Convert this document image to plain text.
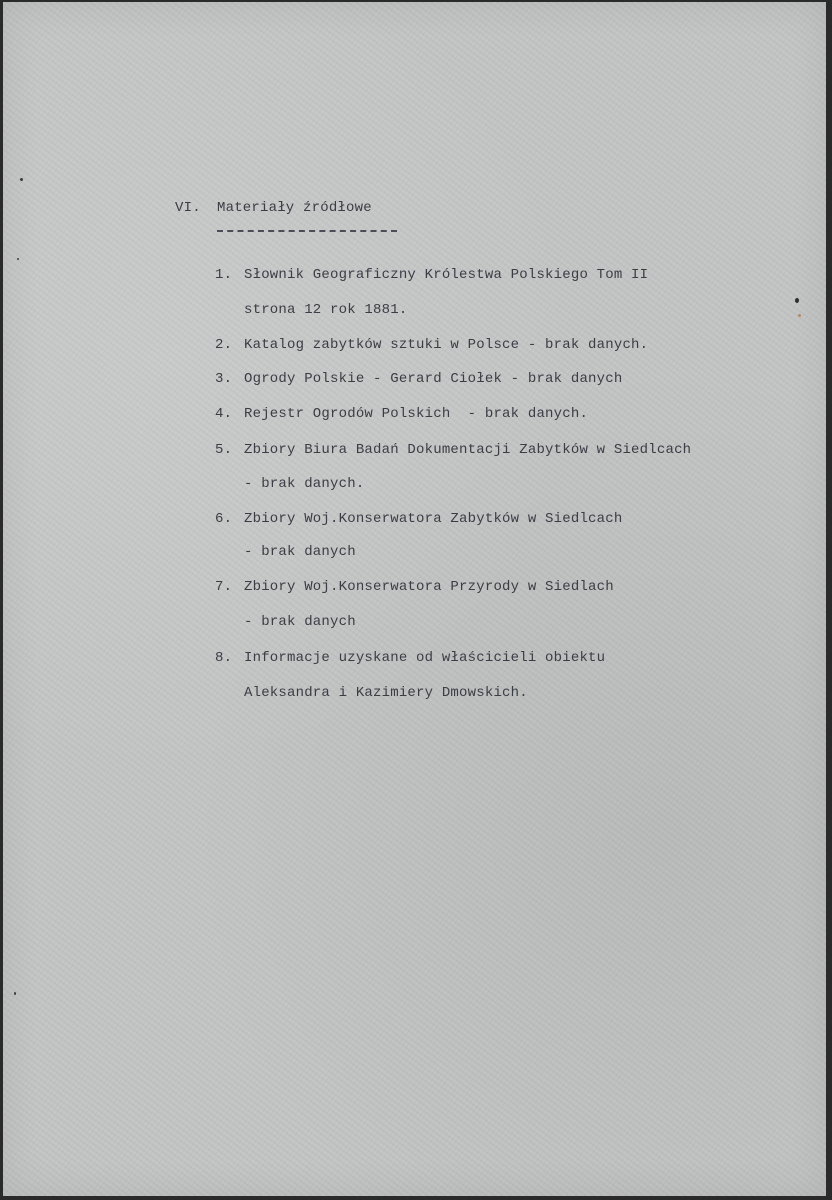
VI. Materiały źródłowe
1. Słownik Geograficzny Królestwa Polskiego Tom II
strona 12 rok 1881.
2. Katalog zabytków sztuki w Polsce - brak danych.
3. Ogrody Polskie - Gerard Ciołek - brak danych
4. Rejestr Ogrodów Polskich  - brak danych.
5. Zbiory Biura Badań Dokumentacji Zabytków w Siedlcach
- brak danych.
6. Zbiory Woj.Konserwatora Zabytków w Siedlcach
- brak danych
7. Zbiory Woj.Konserwatora Przyrody w Siedlach
- brak danych
8. Informacje uzyskane od właścicieli obiektu
Aleksandra i Kazimiery Dmowskich.
